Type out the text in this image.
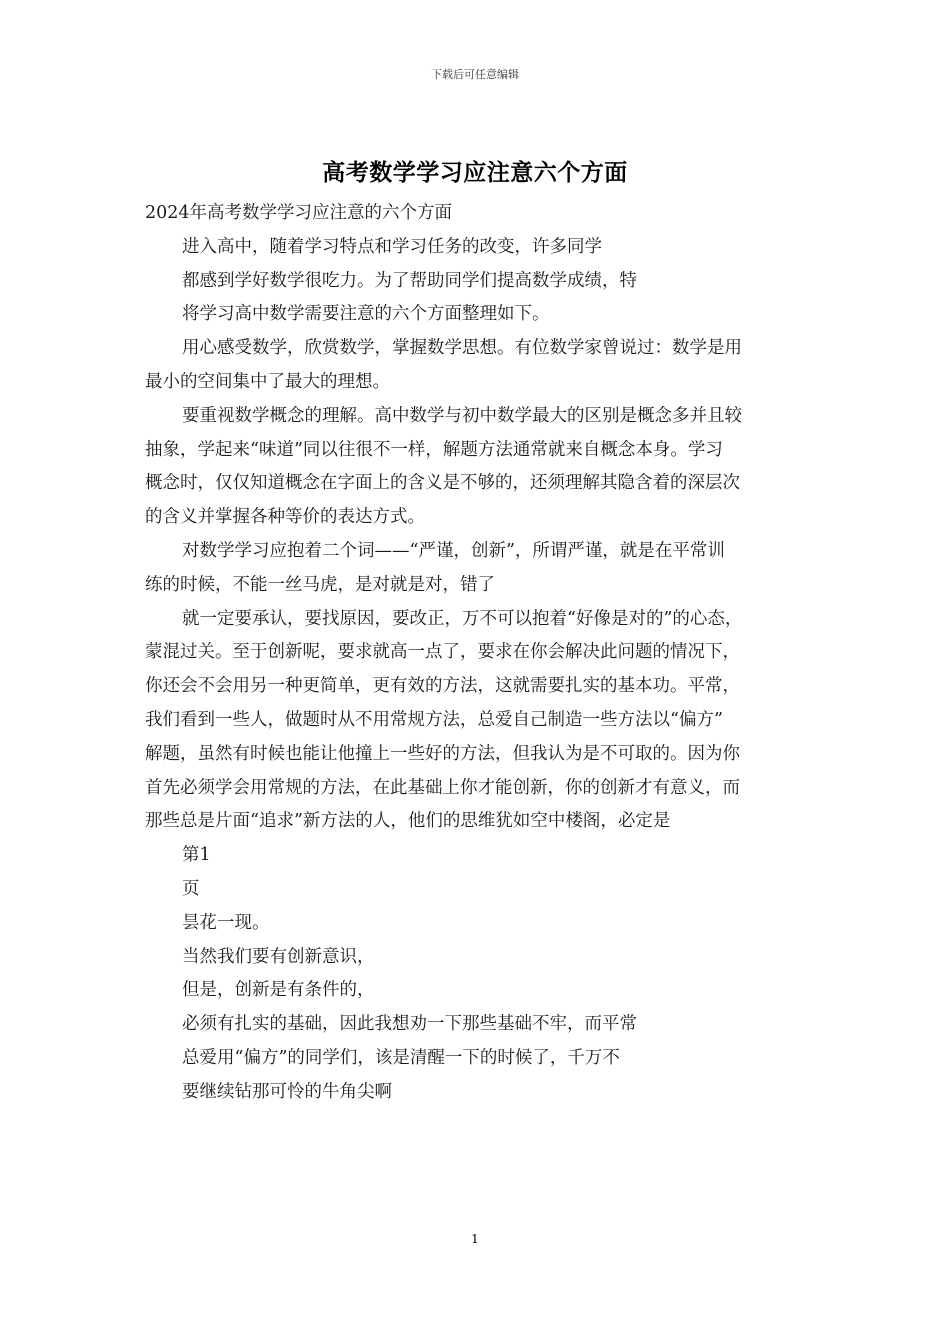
下载后可任意编辑
高考数学学习应注意六个方面
2024年高考数学学习应注意的六个方面
进入高中，随着学习特点和学习任务的改变，许多同学
都感到学好数学很吃力。为了帮助同学们提高数学成绩，特
将学习高中数学需要注意的六个方面整理如下。
用心感受数学，欣赏数学，掌握数学思想。有位数学家曾说过：数学是用
最小的空间集中了最大的理想。
要重视数学概念的理解。高中数学与初中数学最大的区别是概念多并且较
抽象，学起来“味道”同以往很不一样，解题方法通常就来自概念本身。学习
概念时，仅仅知道概念在字面上的含义是不够的，还须理解其隐含着的深层次
的含义并掌握各种等价的表达方式。
对数学学习应抱着二个词——“严谨，创新”，所谓严谨，就是在平常训
练的时候，不能一丝马虎，是对就是对，错了
就一定要承认，要找原因，要改正，万不可以抱着“好像是对的”的心态，
蒙混过关。至于创新呢，要求就高一点了，要求在你会解决此问题的情况下，
你还会不会用另一种更简单，更有效的方法，这就需要扎实的基本功。平常，
我们看到一些人，做题时从不用常规方法，总爱自己制造一些方法以“偏方”
解题，虽然有时候也能让他撞上一些好的方法，但我认为是不可取的。因为你
首先必须学会用常规的方法，在此基础上你才能创新，你的创新才有意义，而
那些总是片面“追求”新方法的人，他们的思维犹如空中楼阁，必定是
第1
页
昙花一现。
当然我们要有创新意识，
但是，创新是有条件的，
必须有扎实的基础，因此我想劝一下那些基础不牢，而平常
总爱用“偏方”的同学们，该是清醒一下的时候了，千万不
要继续钻那可怜的牛角尖啊
1
